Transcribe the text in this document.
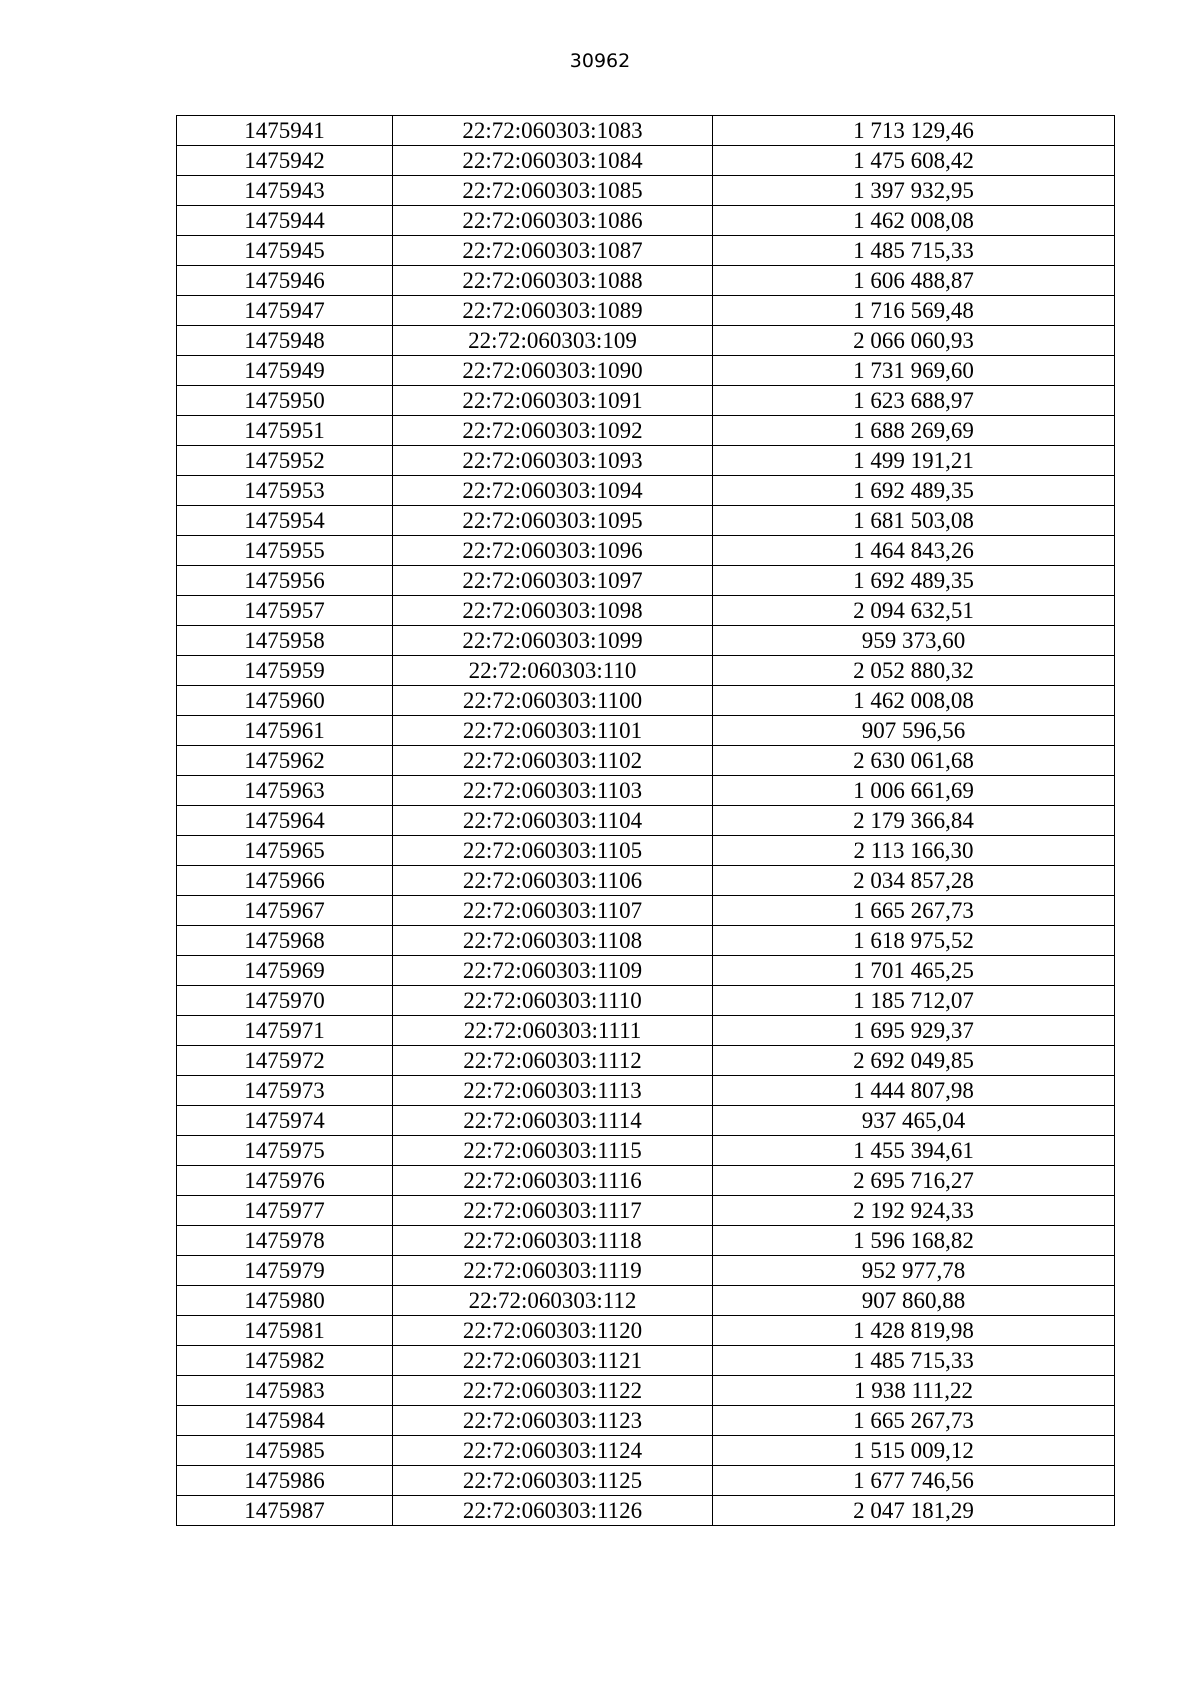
30962
1475941	22:72:060303:1083	1 713 129,46
1475942	22:72:060303:1084	1 475 608,42
1475943	22:72:060303:1085	1 397 932,95
1475944	22:72:060303:1086	1 462 008,08
1475945	22:72:060303:1087	1 485 715,33
1475946	22:72:060303:1088	1 606 488,87
1475947	22:72:060303:1089	1 716 569,48
1475948	22:72:060303:109	2 066 060,93
1475949	22:72:060303:1090	1 731 969,60
1475950	22:72:060303:1091	1 623 688,97
1475951	22:72:060303:1092	1 688 269,69
1475952	22:72:060303:1093	1 499 191,21
1475953	22:72:060303:1094	1 692 489,35
1475954	22:72:060303:1095	1 681 503,08
1475955	22:72:060303:1096	1 464 843,26
1475956	22:72:060303:1097	1 692 489,35
1475957	22:72:060303:1098	2 094 632,51
1475958	22:72:060303:1099	959 373,60
1475959	22:72:060303:110	2 052 880,32
1475960	22:72:060303:1100	1 462 008,08
1475961	22:72:060303:1101	907 596,56
1475962	22:72:060303:1102	2 630 061,68
1475963	22:72:060303:1103	1 006 661,69
1475964	22:72:060303:1104	2 179 366,84
1475965	22:72:060303:1105	2 113 166,30
1475966	22:72:060303:1106	2 034 857,28
1475967	22:72:060303:1107	1 665 267,73
1475968	22:72:060303:1108	1 618 975,52
1475969	22:72:060303:1109	1 701 465,25
1475970	22:72:060303:1110	1 185 712,07
1475971	22:72:060303:1111	1 695 929,37
1475972	22:72:060303:1112	2 692 049,85
1475973	22:72:060303:1113	1 444 807,98
1475974	22:72:060303:1114	937 465,04
1475975	22:72:060303:1115	1 455 394,61
1475976	22:72:060303:1116	2 695 716,27
1475977	22:72:060303:1117	2 192 924,33
1475978	22:72:060303:1118	1 596 168,82
1475979	22:72:060303:1119	952 977,78
1475980	22:72:060303:112	907 860,88
1475981	22:72:060303:1120	1 428 819,98
1475982	22:72:060303:1121	1 485 715,33
1475983	22:72:060303:1122	1 938 111,22
1475984	22:72:060303:1123	1 665 267,73
1475985	22:72:060303:1124	1 515 009,12
1475986	22:72:060303:1125	1 677 746,56
1475987	22:72:060303:1126	2 047 181,29
